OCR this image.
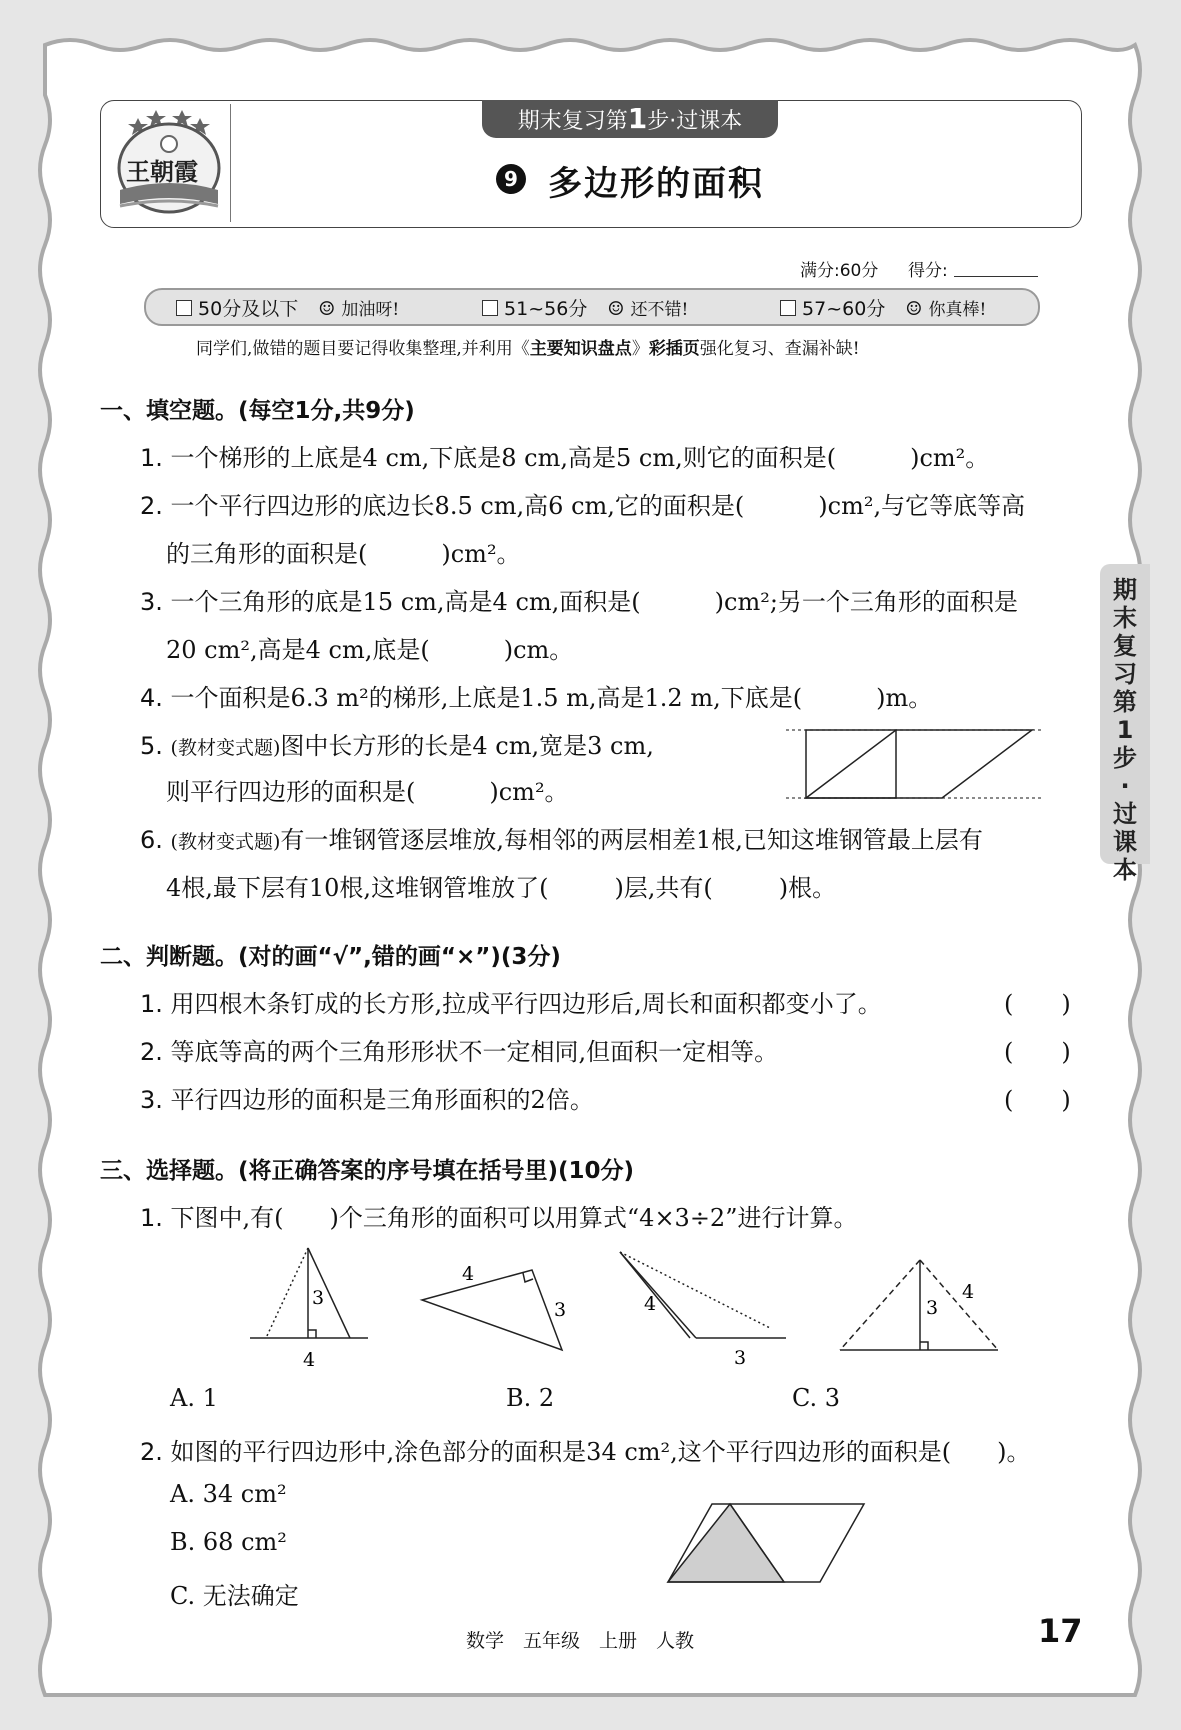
王朝霞
期末复习第1步·过课本
9 多边形的面积
满分:60分 得分:
50分及以下 ☺ 加油呀!	51~56分 ☺ 还不错!	57~60分 ☺ 你真棒!
同学们,做错的题目要记得收集整理,并利用《主要知识盘点》彩插页强化复习、查漏补缺!
期
末
复
习
第
1
步
·
过
课
本
一、填空题。(每空1分,共9分)
1. 一个梯形的上底是4 cm,下底是8 cm,高是5 cm,则它的面积是(	)cm²。
2. 一个平行四边形的底边长8.5 cm,高6 cm,它的面积是(	)cm²,与它等底等高
的三角形的面积是(	)cm²。
3. 一个三角形的底是15 cm,高是4 cm,面积是(	)cm²;另一个三角形的面积是
20 cm²,高是4 cm,底是(	)cm。
4. 一个面积是6.3 m²的梯形,上底是1.5 m,高是1.2 m,下底是(	)m。
5. (教材变式题)图中长方形的长是4 cm,宽是3 cm,
则平行四边形的面积是(	)cm²。
6. (教材变式题)有一堆钢管逐层堆放,每相邻的两层相差1根,已知这堆钢管最上层有
4根,最下层有10根,这堆钢管堆放了(	)层,共有(	)根。
二、判断题。(对的画“√”,错的画“×”)(3分)
1. 用四根木条钉成的长方形,拉成平行四边形后,周长和面积都变小了。	(　　)
2. 等底等高的两个三角形形状不一定相同,但面积一定相等。	(　　)
3. 平行四边形的面积是三角形面积的2倍。	(　　)
三、选择题。(将正确答案的序号填在括号里)(10分)
1. 下图中,有( )个三角形的面积可以用算式“4×3÷2”进行计算。
3
4
4
3	4
3
3
4
A. 1	B. 2	C. 3
2. 如图的平行四边形中,涂色部分的面积是34 cm²,这个平行四边形的面积是( )。
A. 34 cm²
B. 68 cm²
C. 无法确定
数学　五年级　上册　人教	17
